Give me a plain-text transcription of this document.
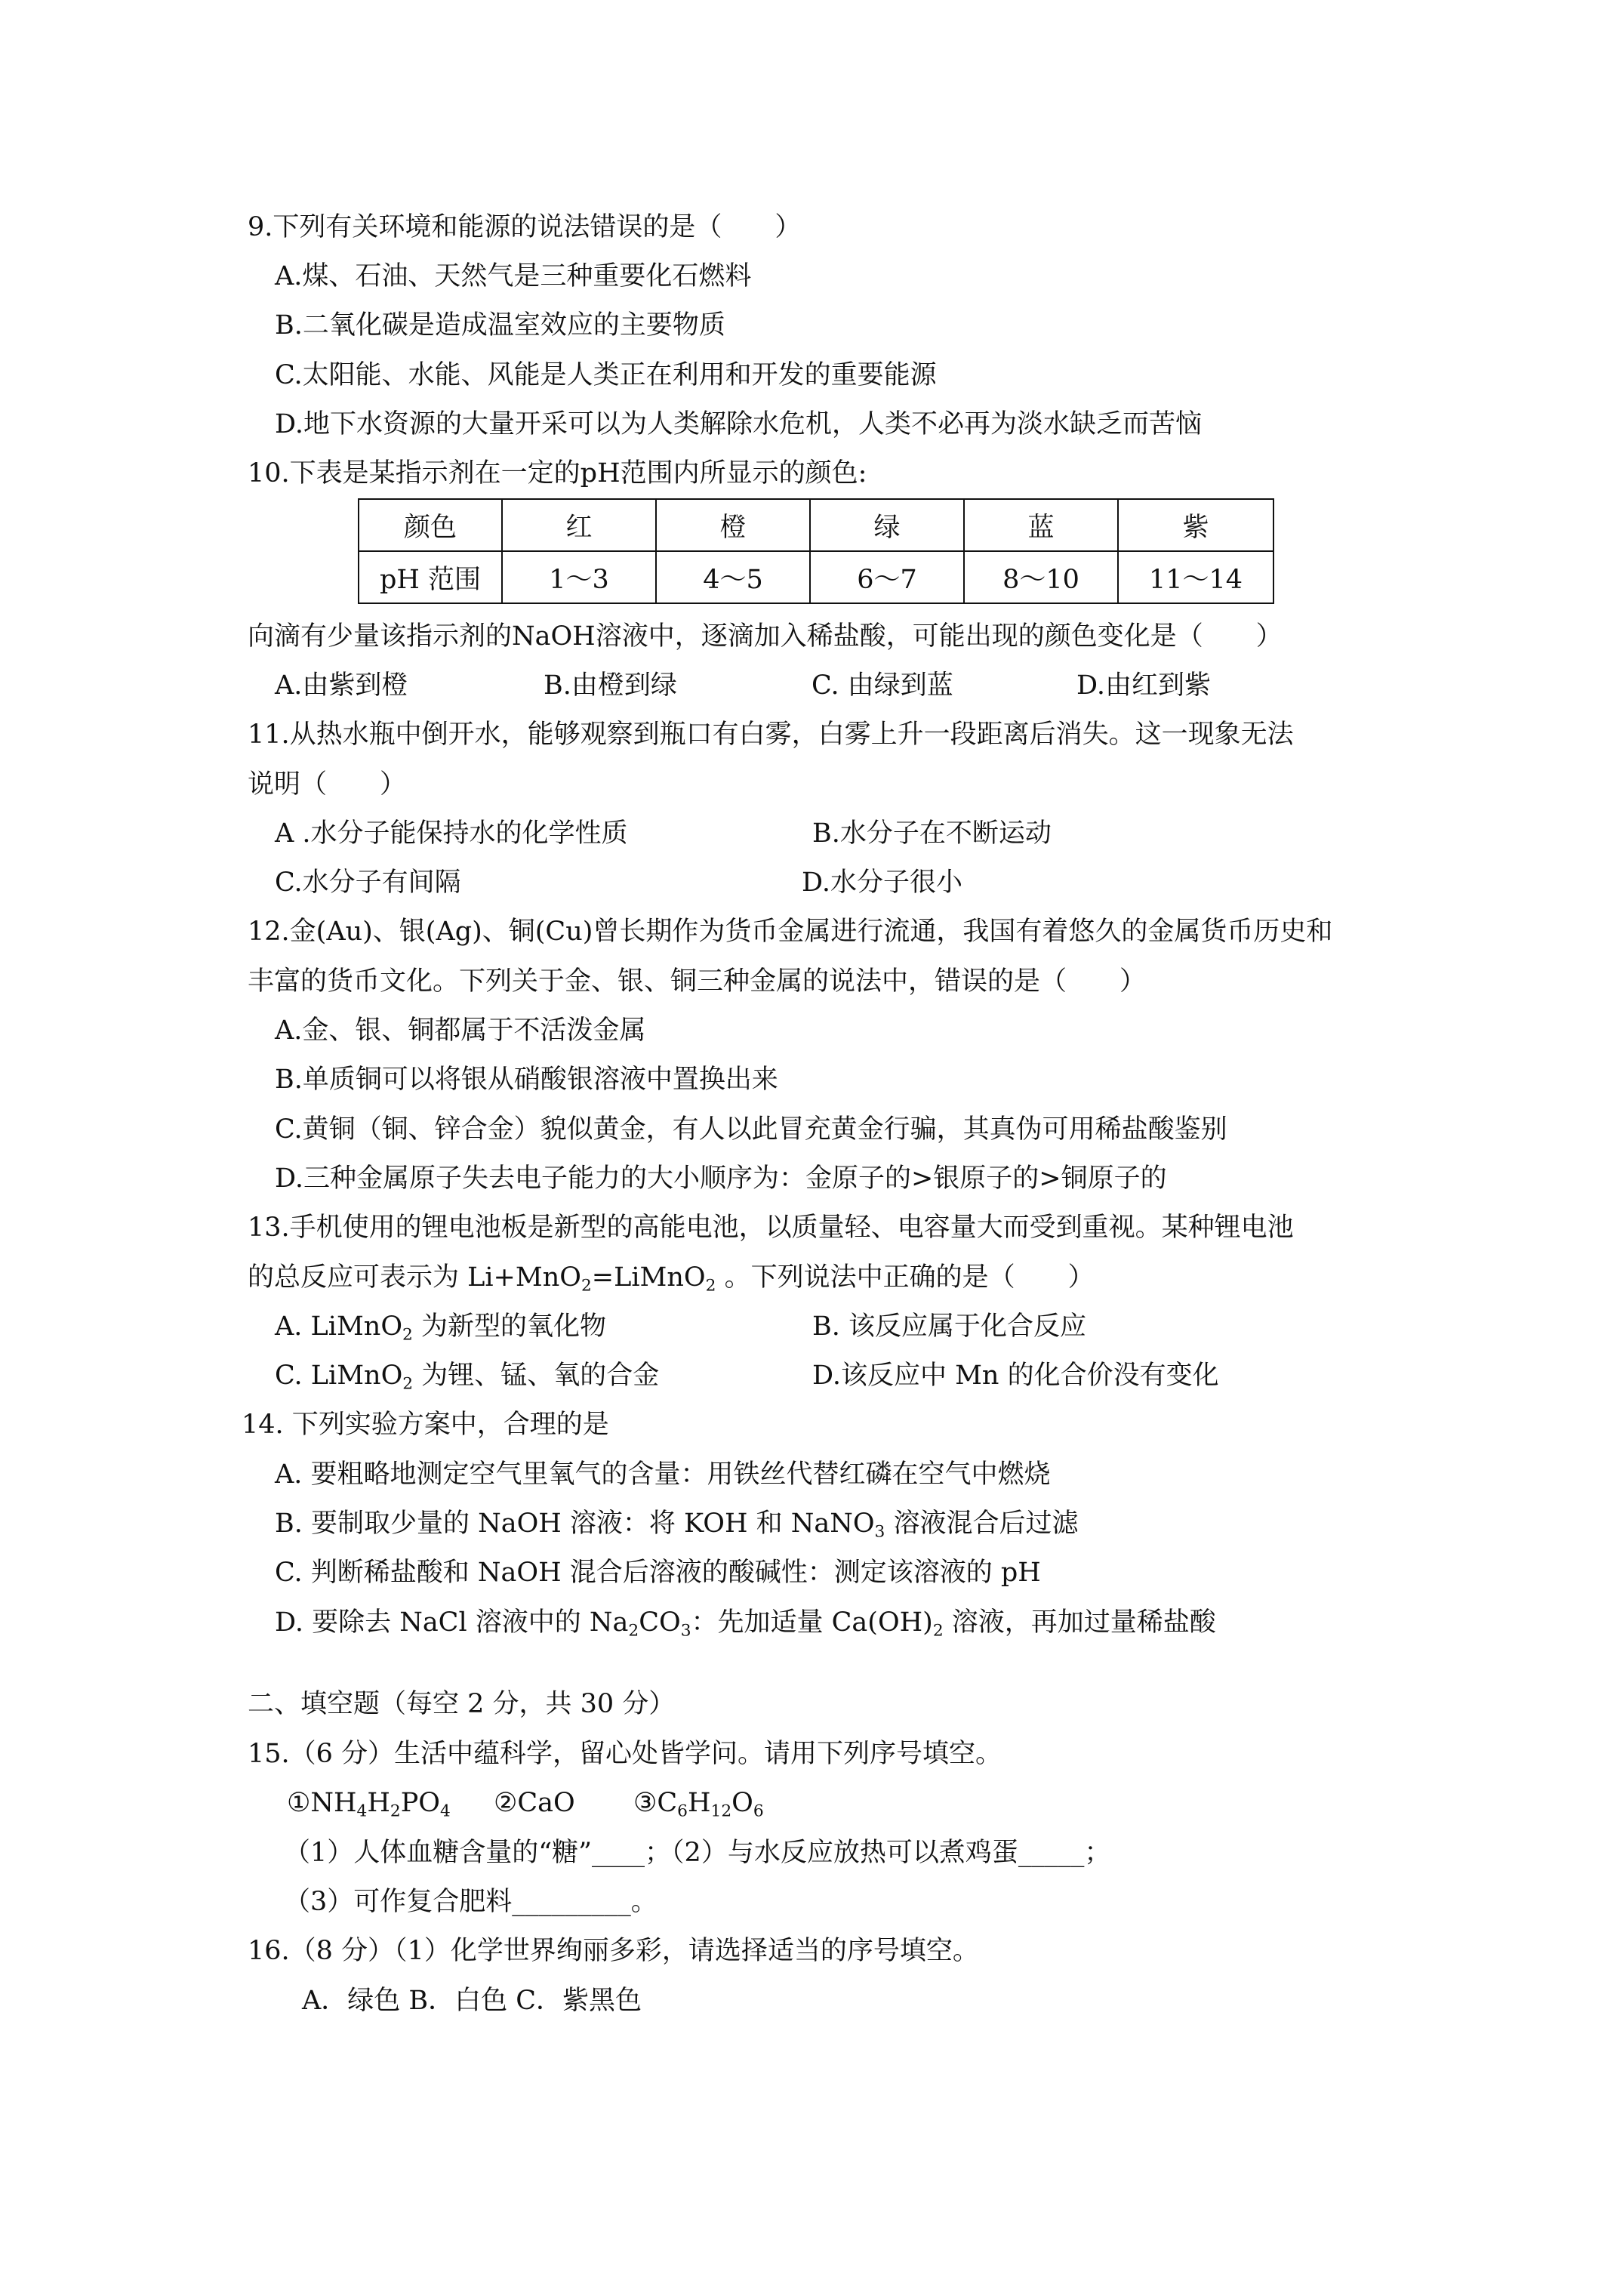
9.下列有关环境和能源的说法错误的是（　　）
A.煤、石油、天然气是三种重要化石燃料
B.二氧化碳是造成温室效应的主要物质
C.太阳能、水能、风能是人类正在利用和开发的重要能源
D.地下水资源的大量开采可以为人类解除水危机，人类不必再为淡水缺乏而苦恼
10.下表是某指示剂在一定的pH范围内所显示的颜色:
颜色	红	橙	绿	蓝	紫
pH 范围	1～3	4～5	6～7	8～10	11～14
向滴有少量该指示剂的NaOH溶液中，逐滴加入稀盐酸，可能出现的颜色变化是（　　）
A.由紫到橙	B.由橙到绿	C. 由绿到蓝	D.由红到紫
11.从热水瓶中倒开水，能够观察到瓶口有白雾，白雾上升一段距离后消失。这一现象无法
说明（　　）
A .水分子能保持水的化学性质	B.水分子在不断运动
C.水分子有间隔	D.水分子很小
12.金(Au)、银(Ag)、铜(Cu)曾长期作为货币金属进行流通，我国有着悠久的金属货币历史和
丰富的货币文化。下列关于金、银、铜三种金属的说法中，错误的是（　　）
A.金、银、铜都属于不活泼金属
B.单质铜可以将银从硝酸银溶液中置换出来
C.黄铜（铜、锌合金）貌似黄金，有人以此冒充黄金行骗，其真伪可用稀盐酸鉴别
D.三种金属原子失去电子能力的大小顺序为：金原子的>银原子的>铜原子的
13.手机使用的锂电池板是新型的高能电池，以质量轻、电容量大而受到重视。某种锂电池
的总反应可表示为 Li+MnO$_2$=LiMnO$_2$ 。下列说法中正确的是（　　）
A. LiMnO$_2$ 为新型的氧化物	B. 该反应属于化合反应
C. LiMnO$_2$ 为锂、锰、氧的合金	D.该反应中 Mn 的化合价没有变化
14. 下列实验方案中，合理的是
A. 要粗略地测定空气里氧气的含量：用铁丝代替红磷在空气中燃烧
B. 要制取少量的 NaOH 溶液：将 KOH 和 NaNO$_3$ 溶液混合后过滤
C. 判断稀盐酸和 NaOH 混合后溶液的酸碱性：测定该溶液的 pH
D. 要除去 NaCl 溶液中的 $Na_2CO_3$：先加适量 $Ca(OH)_2$ 溶液，再加过量稀盐酸
二、填空题（每空 2 分，共 30 分）
15.（6 分）生活中蕴科学，留心处皆学问。请用下列序号填空。
$①NH_4H_2PO_4$ ②CaO $③C_6H_{12}O_6$
（1）人体血糖含量的“糖”____；（2）与水反应放热可以煮鸡蛋_____；
（3）可作复合肥料_________。
16.（8 分）（1）化学世界绚丽多彩，请选择适当的序号填空。
A．绿色 B．白色 C．紫黑色
